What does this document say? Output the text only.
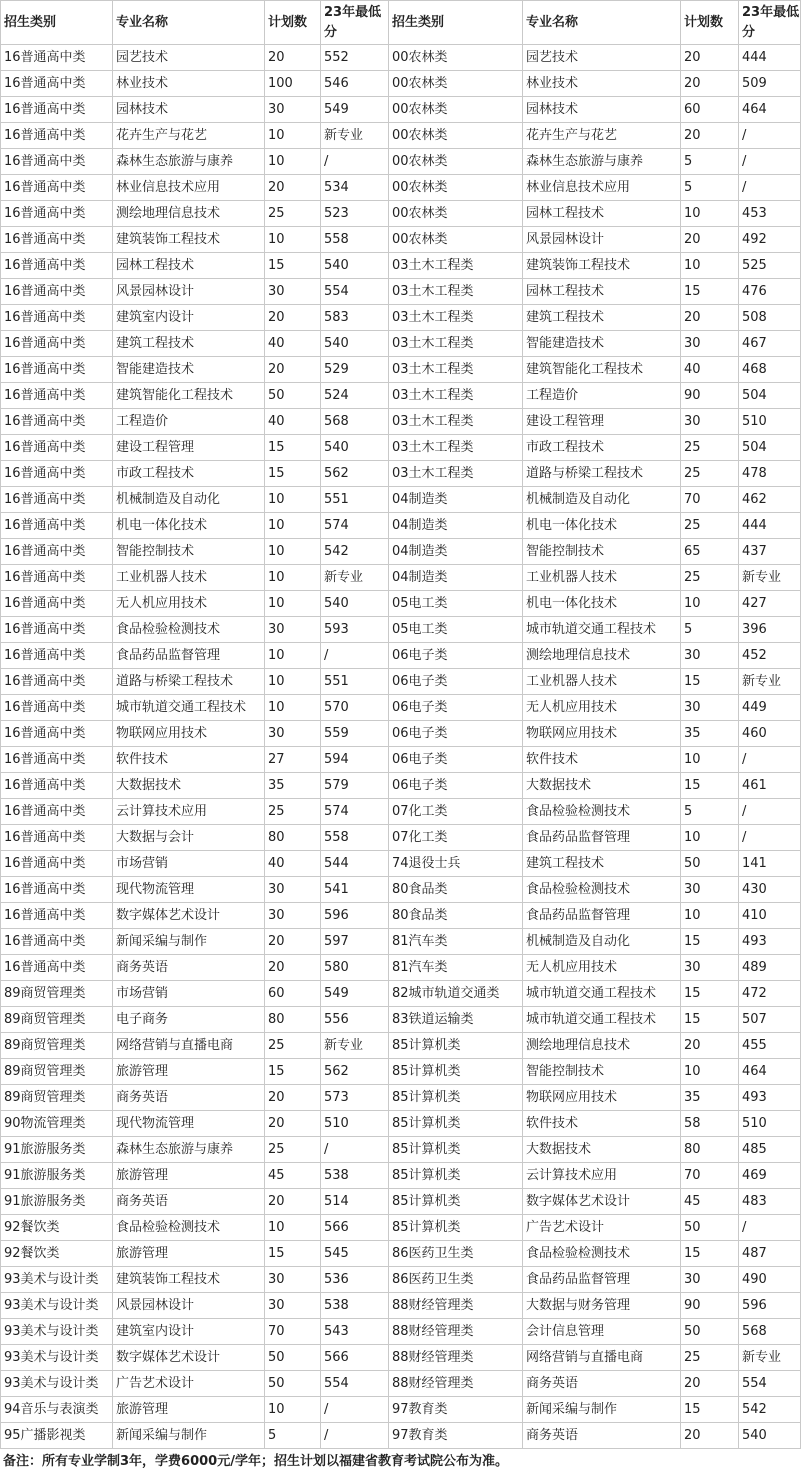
招生类别	专业名称	计划数	23年最低分	招生类别	专业名称	计划数	23年最低分
16普通高中类	园艺技术	20	552	00农林类	园艺技术	20	444
16普通高中类	林业技术	100	546	00农林类	林业技术	20	509
16普通高中类	园林技术	30	549	00农林类	园林技术	60	464
16普通高中类	花卉生产与花艺	10	新专业	00农林类	花卉生产与花艺	20	/
16普通高中类	森林生态旅游与康养	10	/	00农林类	森林生态旅游与康养	5	/
16普通高中类	林业信息技术应用	20	534	00农林类	林业信息技术应用	5	/
16普通高中类	测绘地理信息技术	25	523	00农林类	园林工程技术	10	453
16普通高中类	建筑装饰工程技术	10	558	00农林类	风景园林设计	20	492
16普通高中类	园林工程技术	15	540	03土木工程类	建筑装饰工程技术	10	525
16普通高中类	风景园林设计	30	554	03土木工程类	园林工程技术	15	476
16普通高中类	建筑室内设计	20	583	03土木工程类	建筑工程技术	20	508
16普通高中类	建筑工程技术	40	540	03土木工程类	智能建造技术	30	467
16普通高中类	智能建造技术	20	529	03土木工程类	建筑智能化工程技术	40	468
16普通高中类	建筑智能化工程技术	50	524	03土木工程类	工程造价	90	504
16普通高中类	工程造价	40	568	03土木工程类	建设工程管理	30	510
16普通高中类	建设工程管理	15	540	03土木工程类	市政工程技术	25	504
16普通高中类	市政工程技术	15	562	03土木工程类	道路与桥梁工程技术	25	478
16普通高中类	机械制造及自动化	10	551	04制造类	机械制造及自动化	70	462
16普通高中类	机电一体化技术	10	574	04制造类	机电一体化技术	25	444
16普通高中类	智能控制技术	10	542	04制造类	智能控制技术	65	437
16普通高中类	工业机器人技术	10	新专业	04制造类	工业机器人技术	25	新专业
16普通高中类	无人机应用技术	10	540	05电工类	机电一体化技术	10	427
16普通高中类	食品检验检测技术	30	593	05电工类	城市轨道交通工程技术	5	396
16普通高中类	食品药品监督管理	10	/	06电子类	测绘地理信息技术	30	452
16普通高中类	道路与桥梁工程技术	10	551	06电子类	工业机器人技术	15	新专业
16普通高中类	城市轨道交通工程技术	10	570	06电子类	无人机应用技术	30	449
16普通高中类	物联网应用技术	30	559	06电子类	物联网应用技术	35	460
16普通高中类	软件技术	27	594	06电子类	软件技术	10	/
16普通高中类	大数据技术	35	579	06电子类	大数据技术	15	461
16普通高中类	云计算技术应用	25	574	07化工类	食品检验检测技术	5	/
16普通高中类	大数据与会计	80	558	07化工类	食品药品监督管理	10	/
16普通高中类	市场营销	40	544	74退役士兵	建筑工程技术	50	141
16普通高中类	现代物流管理	30	541	80食品类	食品检验检测技术	30	430
16普通高中类	数字媒体艺术设计	30	596	80食品类	食品药品监督管理	10	410
16普通高中类	新闻采编与制作	20	597	81汽车类	机械制造及自动化	15	493
16普通高中类	商务英语	20	580	81汽车类	无人机应用技术	30	489
89商贸管理类	市场营销	60	549	82城市轨道交通类	城市轨道交通工程技术	15	472
89商贸管理类	电子商务	80	556	83铁道运输类	城市轨道交通工程技术	15	507
89商贸管理类	网络营销与直播电商	25	新专业	85计算机类	测绘地理信息技术	20	455
89商贸管理类	旅游管理	15	562	85计算机类	智能控制技术	10	464
89商贸管理类	商务英语	20	573	85计算机类	物联网应用技术	35	493
90物流管理类	现代物流管理	20	510	85计算机类	软件技术	58	510
91旅游服务类	森林生态旅游与康养	25	/	85计算机类	大数据技术	80	485
91旅游服务类	旅游管理	45	538	85计算机类	云计算技术应用	70	469
91旅游服务类	商务英语	20	514	85计算机类	数字媒体艺术设计	45	483
92餐饮类	食品检验检测技术	10	566	85计算机类	广告艺术设计	50	/
92餐饮类	旅游管理	15	545	86医药卫生类	食品检验检测技术	15	487
93美术与设计类	建筑装饰工程技术	30	536	86医药卫生类	食品药品监督管理	30	490
93美术与设计类	风景园林设计	30	538	88财经管理类	大数据与财务管理	90	596
93美术与设计类	建筑室内设计	70	543	88财经管理类	会计信息管理	50	568
93美术与设计类	数字媒体艺术设计	50	566	88财经管理类	网络营销与直播电商	25	新专业
93美术与设计类	广告艺术设计	50	554	88财经管理类	商务英语	20	554
94音乐与表演类	旅游管理	10	/	97教育类	新闻采编与制作	15	542
95广播影视类	新闻采编与制作	5	/	97教育类	商务英语	20	540
备注：所有专业学制3年，学费6000元/学年；招生计划以福建省教育考试院公布为准。
